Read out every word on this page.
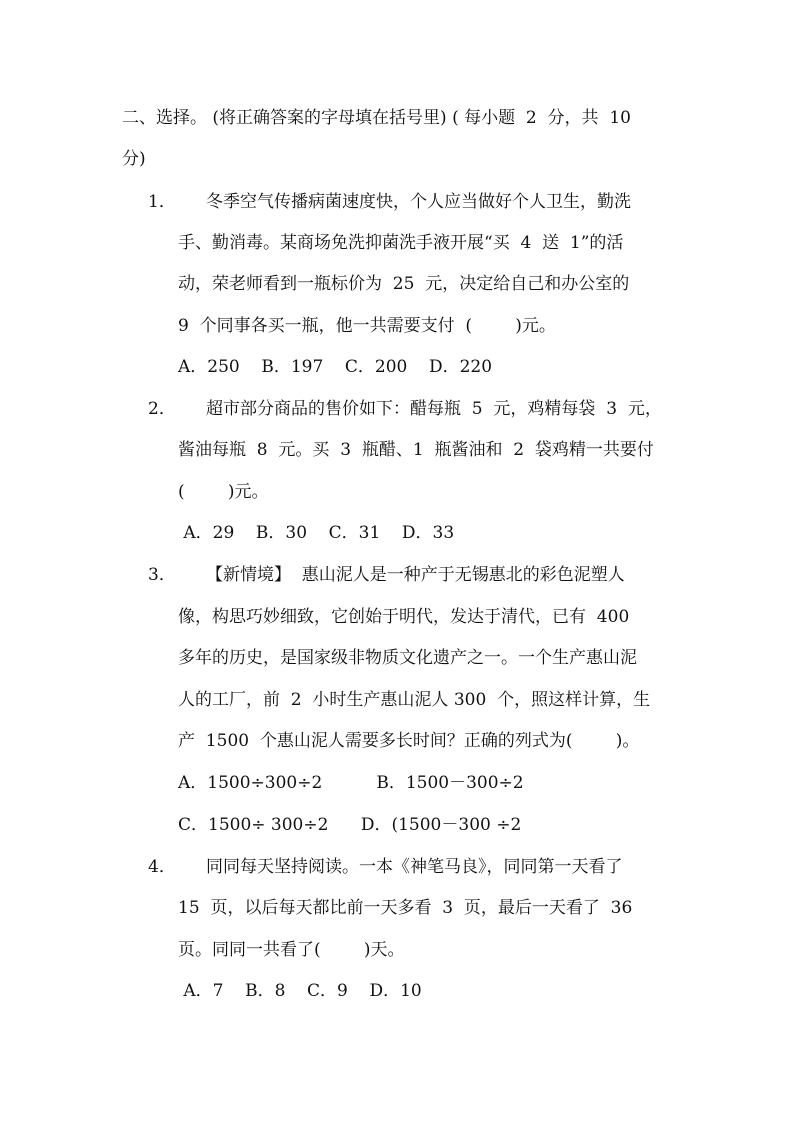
二、选择。 (将正确答案的字母填在括号里) ( 每小题  2  分，共  10
分)
1． 冬季空气传播病菌速度快，个人应当做好个人卫生，勤洗
手、勤消毒。某商场免洗抑菌洗手液开展“买  4  送  1”的活
动，荣老师看到一瓶标价为  25  元，决定给自己和办公室的
9  个同事各买一瓶，他一共需要支付  (        )元。
A．250    B．197    C．200    D．220
2． 超市部分商品的售价如下：醋每瓶  5  元，鸡精每袋  3  元，
酱油每瓶  8  元。买  3  瓶醋、1  瓶酱油和  2  袋鸡精一共要付
(        )元。
A．29    B．30    C．31    D．33
3． 【新情境】  惠山泥人是一种产于无锡惠北的彩色泥塑人
像，构思巧妙细致，它创始于明代，发达于清代，已有  400
多年的历史，是国家级非物质文化遗产之一。一个生产惠山泥
人的工厂，前  2  小时生产惠山泥人 300  个，照这样计算，生
产  1500  个惠山泥人需要多长时间？正确的列式为(        )。
A．1500÷300÷2          B．1500－300÷2
C．1500÷ 300÷2      D．(1500－300 ÷2
4． 同同每天坚持阅读。一本《神笔马良》，同同第一天看了
15  页，以后每天都比前一天多看  3  页，最后一天看了  36
页。同同一共看了(        )天。
A．7    B．8    C．9    D．10
